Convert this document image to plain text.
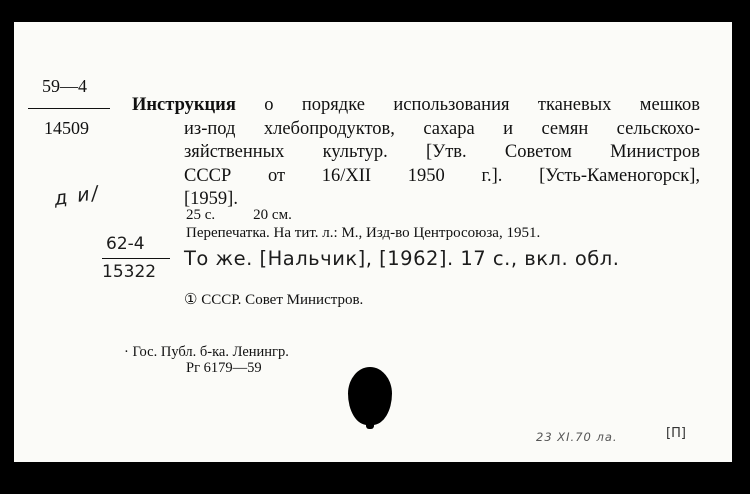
59—4
14509

Инструкция о порядке использования тканевых мешков

из-под хлебопродуктов, сахара и семян сельскохо-

зяйственных культур. [Утв. Советом Министров

СССР от 16/XII 1950 г.]. [Усть-Каменогорск],

[1959].

25 с.	20 см.
Перепечатка. На тит. л.: М., Изд-во Центросоюза, 1951.
д и/
62-4
15322
То же. [Нальчик], [1962]. 17 с., вкл. обл.
① СССР. Совет Министров.
· Гос. Публ. б-ка. Ленингр.
Рг 6179—59
23 XI.70 ла.	[П]
